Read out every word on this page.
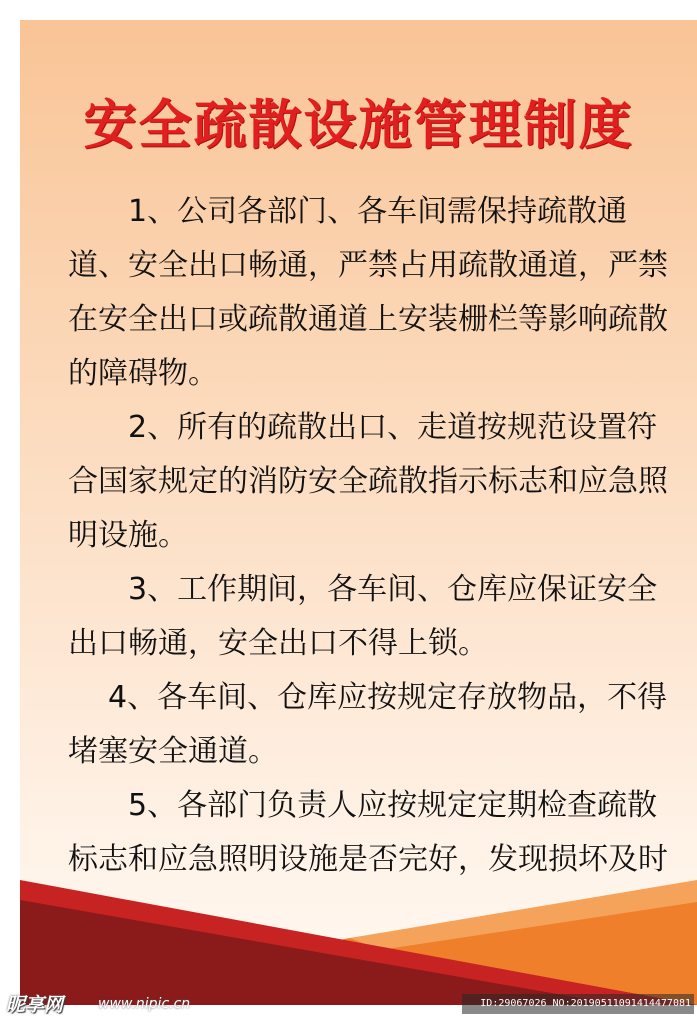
安全疏散设施管理制度

1、公司各部门、各车间需保持疏散通道、安全出口畅通，严禁占用疏散通道，严禁在安全出口或疏散通道上安装栅栏等影响疏散的障碍物。

2、所有的疏散出口、走道按规范设置符合国家规定的消防安全疏散指示标志和应急照明设施。

3、工作期间，各车间、仓库应保证安全出口畅通，安全出口不得上锁。

4、各车间、仓库应按规定存放物品，不得堵塞安全通道。

5、各部门负责人应按规定定期检查疏散标志和应急照明设施是否完好，发现损坏及时

昵享网 www.nipic.cn	ID:29067026 NO:20190511091414477081
